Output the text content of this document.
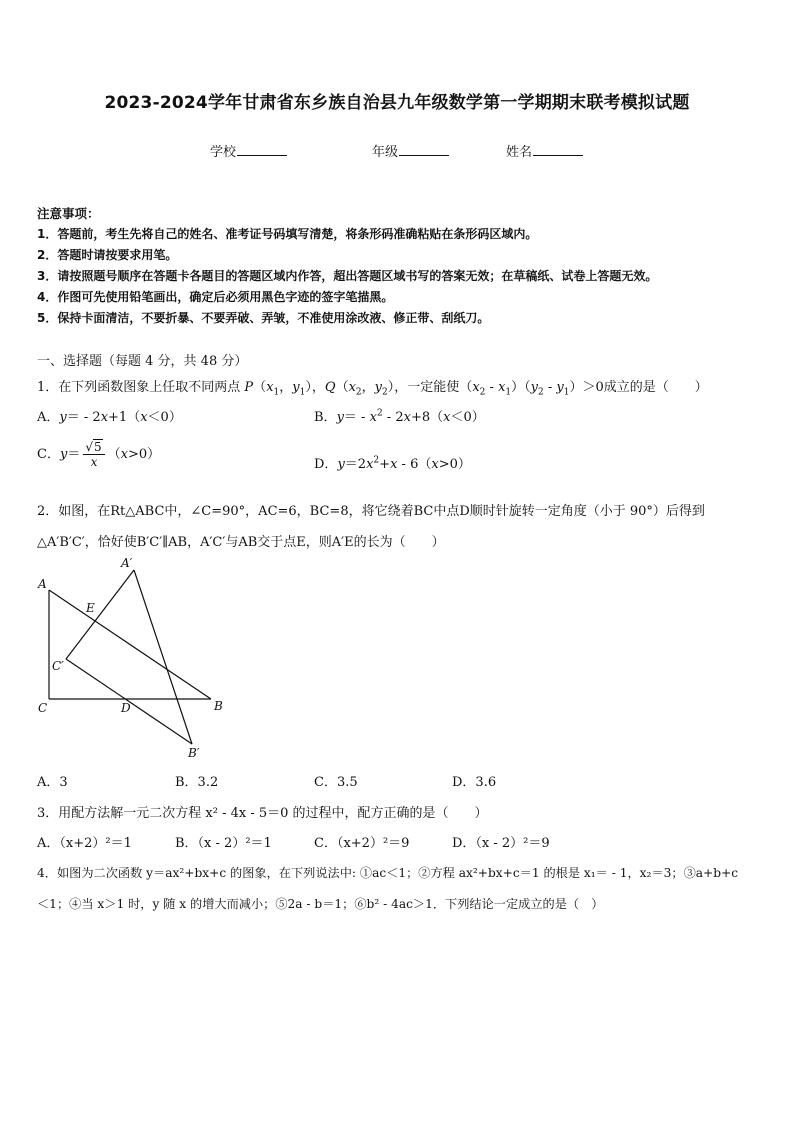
2023-2024学年甘肃省东乡族自治县九年级数学第一学期期末联考模拟试题
学校	年级	姓名
注意事项：
1．答题前，考生先将自己的姓名、准考证号码填写清楚，将条形码准确粘贴在条形码区域内。
2．答题时请按要求用笔。
3．请按照题号顺序在答题卡各题目的答题区域内作答，超出答题区域书写的答案无效；在草稿纸、试卷上答题无效。
4．作图可先使用铅笔画出，确定后必须用黑色字迹的签字笔描黑。
5．保持卡面清洁，不要折暴、不要弄破、弄皱，不准使用涂改液、修正带、刮纸刀。
一、选择题（每题 4 分，共 48 分）
1．在下列函数图象上任取不同两点 $P(x_1$，$y_1$），$Q(x_2$，$y_2$），一定能使$(x_2 - x_1)(y_2 - y_1)>0$成立的是（　　）
A．y＝ - 2x+1（x＜0）	B．$y= - x^2 - 2x+8(x<0)$
C．$y= \frac{√5}{x} (x>0)$
D．$y=2x^2+x - 6(x>0)$
2．如图，在Rt△ABC中，∠C=90°，AC=6，BC=8，将它绕着BC中点D顺时针旋转一定角度（小于 90°）后得到
△A′B′C′，恰好使B′C′∥AB，A′C′与AB交于点E，则A′E的长为（　　）
A
A′
E
C′
C	D	B
B′
A．3	B．3.2	C．3.5	D．3.6
3．用配方法解一元二次方程 x² - 4x - 5＝0 的过程中，配方正确的是（　　）
A．（x+2）²＝1	B．（x - 2）²＝1	C．（x+2）²＝9	D．（x - 2）²＝9
4．如图为二次函数 y＝ax²+bx+c 的图象，在下列说法中: ①ac＜1；②方程 ax²+bx+c＝1 的根是 x₁＝ - 1，x₂＝3；③a+b+c
＜1；④当 x＞1 时，y 随 x 的增大而减小；⑤2a - b＝1；⑥b² - 4ac＞1．下列结论一定成立的是（　）
